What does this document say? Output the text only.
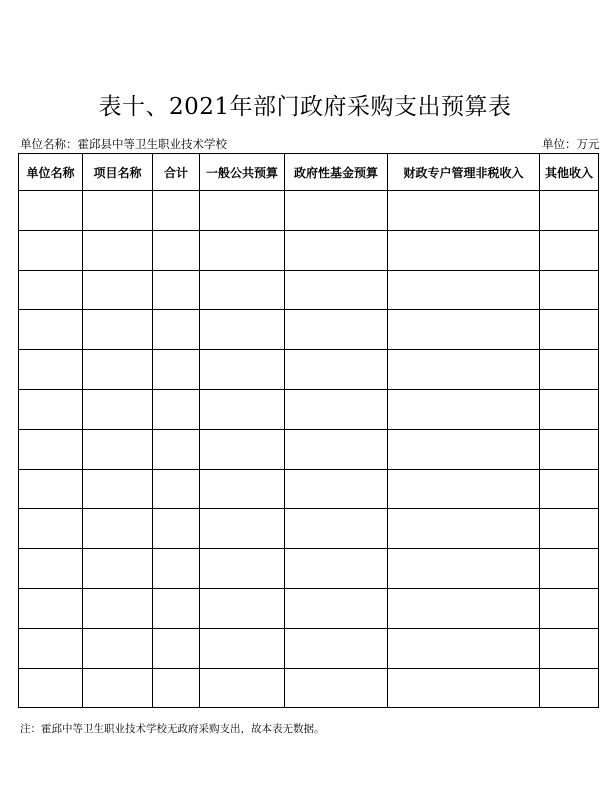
表十、2021年部门政府采购支出预算表
单位名称：霍邱县中等卫生职业技术学校	单位：万元
单位名称	项目名称	合计	一般公共预算	政府性基金预算	财政专户管理非税收入	其他收入

注：霍邱中等卫生职业技术学校无政府采购支出，故本表无数据。
